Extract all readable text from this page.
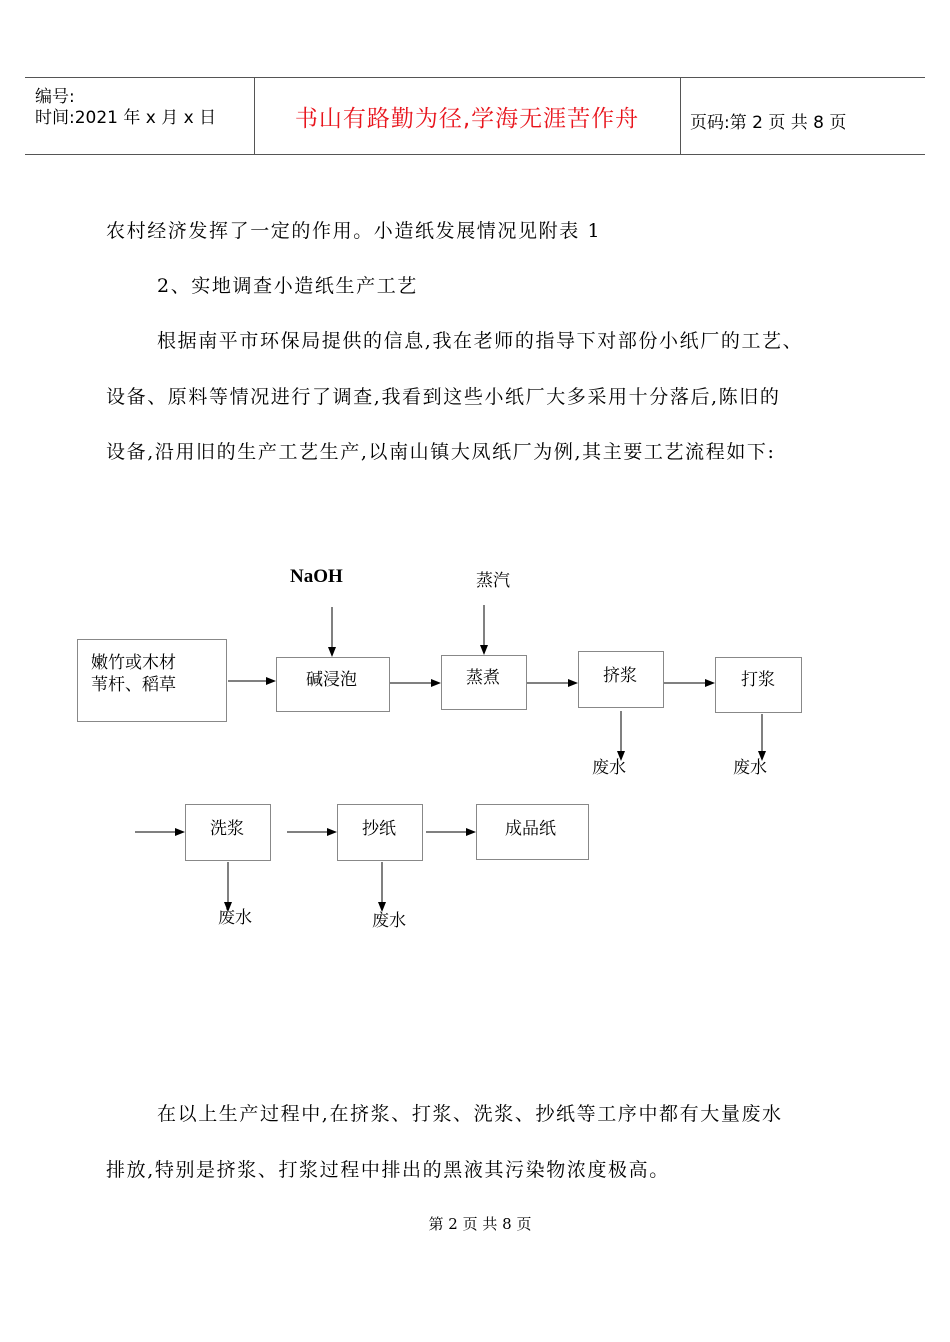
编号:
时间:2021 年 x 月 x 日	书山有路勤为径,学海无涯苦作舟	页码:第 2 页 共 8 页
农村经济发挥了一定的作用。小造纸发展情况见附表 1
2、实地调查小造纸生产工艺
根据南平市环保局提供的信息,我在老师的指导下对部份小纸厂的工艺、
设备、原料等情况进行了调查,我看到这些小纸厂大多采用十分落后,陈旧的
设备,沿用旧的生产工艺生产,以南山镇大凤纸厂为例,其主要工艺流程如下:
嫩竹或木材
苇杆、稻草	碱浸泡	蒸煮	挤浆	打浆
洗浆	抄纸	成品纸
NaOH	蒸汽
废水	废水
废水	废水
在以上生产过程中,在挤浆、打浆、洗浆、抄纸等工序中都有大量废水
排放,特别是挤浆、打浆过程中排出的黑液其污染物浓度极高。
第 2 页 共 8 页
